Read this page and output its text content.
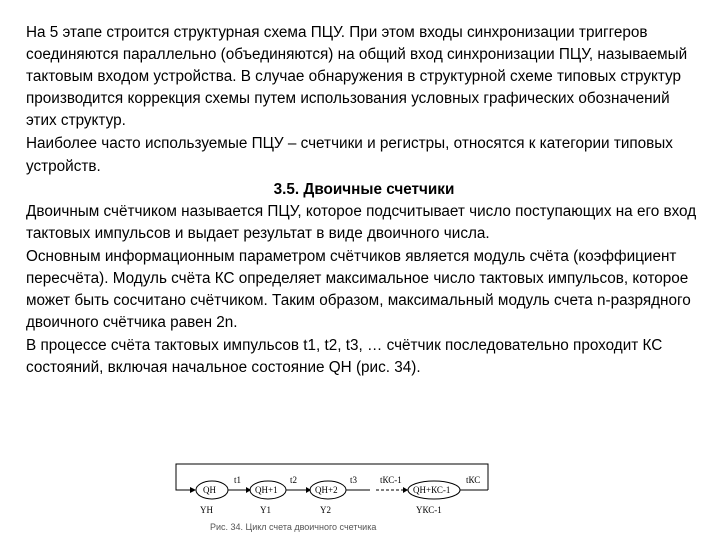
На 5 этапе строится структурная схема ПЦУ. При этом входы синхронизации триггеров соединяются параллельно (объединяются) на общий вход синхронизации ПЦУ, называемый тактовым входом устройства. В случае обнаружения в структурной схеме типовых структур производится коррекция схемы путем использования условных графических обозначений этих структур.

Наиболее часто используемые ПЦУ – счетчики и регистры, относятся к категории типовых устройств.

3.5. Двоичные счетчики

Двоичным счётчиком называется ПЦУ, которое подсчитывает число поступающих на его вход тактовых импульсов и выдает результат в виде двоичного числа.

Основным информационным параметром счётчиков является модуль счёта (коэффициент пересчёта). Модуль счёта КС определяет максимальное число тактовых импульсов, которое может быть сосчитано счётчиком. Таким образом, максимальный модуль счета n-разрядного двоичного счётчика равен 2n.

В процессе счёта тактовых импульсов t1, t2, t3, … счётчик последовательно проходит КС состояний, включая начальное состояние QH (рис. 34).

QH	QH+1	QH+2	QH+КС-1
t1	t2	t3	tКС-1	tКС
YH	Y1	Y2	YКС-1
Рис. 34. Цикл счета двоичного счетчика
